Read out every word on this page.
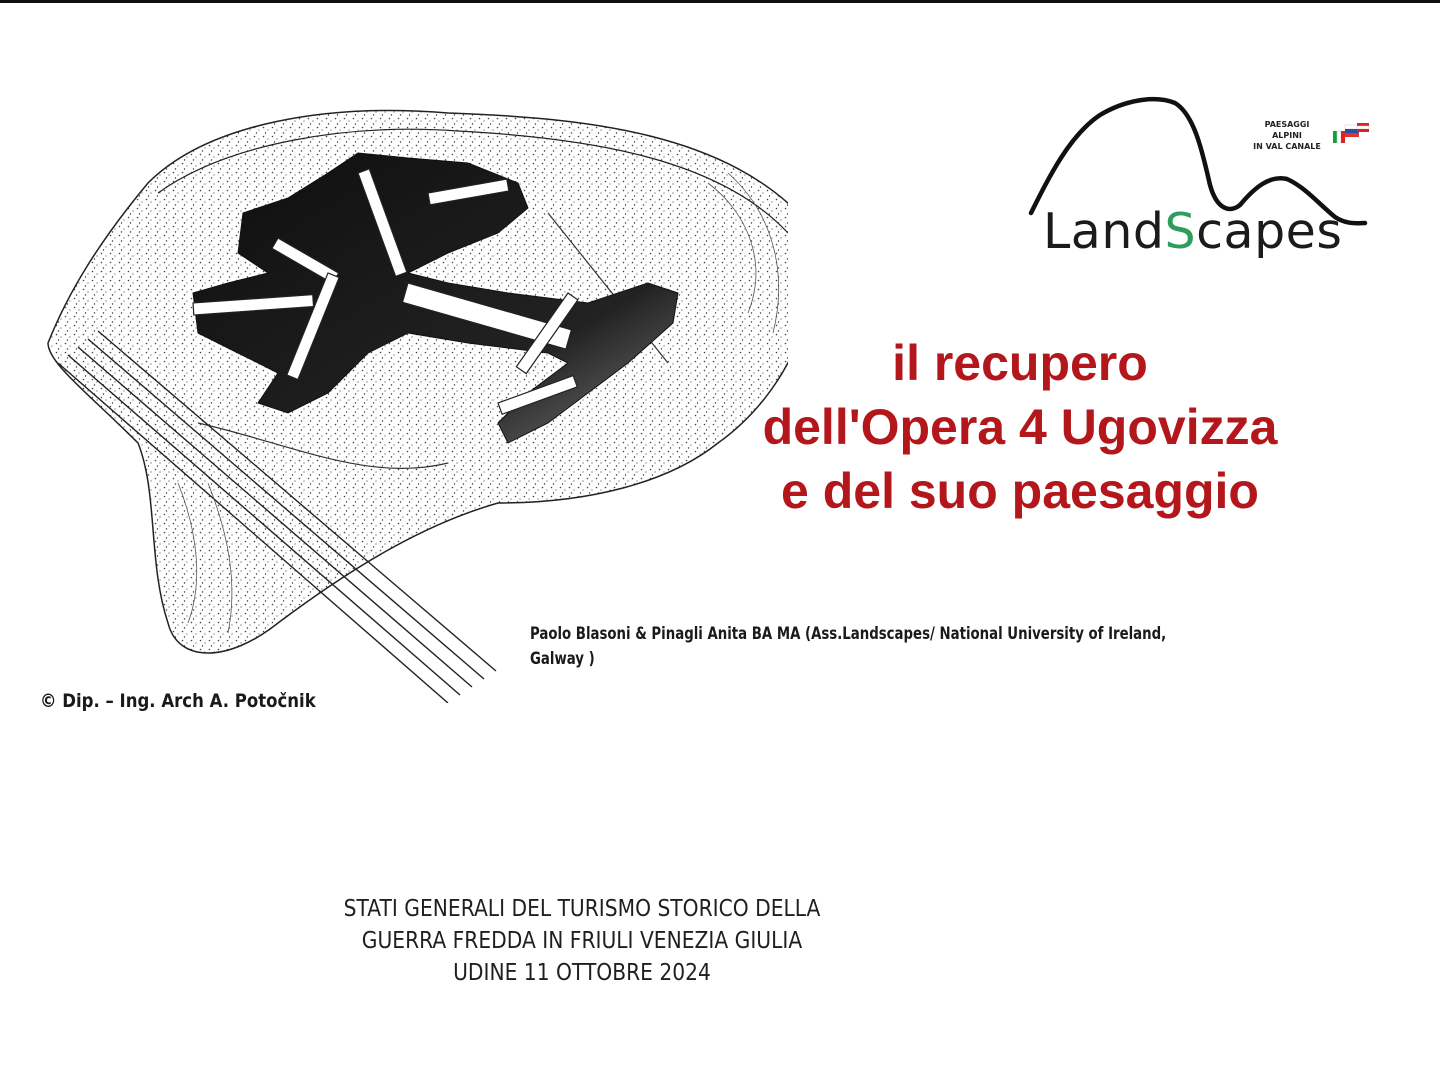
PAESAGGI
ALPINI
IN VAL CANALE
LandScapes
il recupero
dell'Opera 4 Ugovizza
e del suo paesaggio
Paolo Blasoni & Pinagli Anita BA MA (Ass.Landscapes/ National University of Ireland, Galway )
© Dip. – Ing. Arch A. Potočnik
STATI GENERALI DEL TURISMO STORICO DELLA
GUERRA FREDDA IN FRIULI VENEZIA GIULIA
UDINE 11 OTTOBRE 2024
